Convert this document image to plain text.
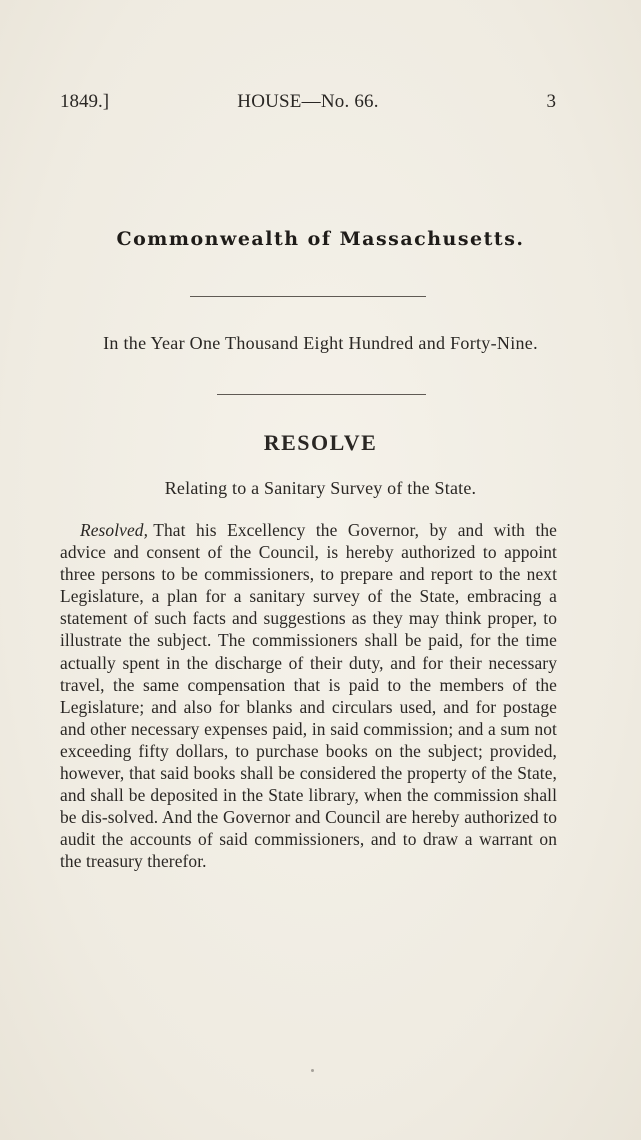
1849.]	HOUSE—No. 66.	3
Commonwealth of Massachusetts.
In the Year One Thousand Eight Hundred and Forty-Nine.
RESOLVE
Relating to a Sanitary Survey of the State.

Resolved, That his Excellency the Governor, by and with the advice and consent of the Council, is hereby authorized to appoint three persons to be commissioners, to prepare and report to the next Legislature, a plan for a sanitary survey of the State, embracing a statement of such facts and suggestions as they may think proper, to illustrate the subject. The commissioners shall be paid, for the time actually spent in the discharge of their duty, and for their necessary travel, the same compensation that is paid to the members of the Legislature; and also for blanks and circulars used, and for postage and other necessary expenses paid, in said commission; and a sum not exceeding fifty dollars, to purchase books on the subject; provided, however, that said books shall be considered the property of the State, and shall be deposited in the State library, when the commission shall be dis-solved. And the Governor and Council are hereby authorized to audit the accounts of said commissioners, and to draw a warrant on the treasury therefor.
